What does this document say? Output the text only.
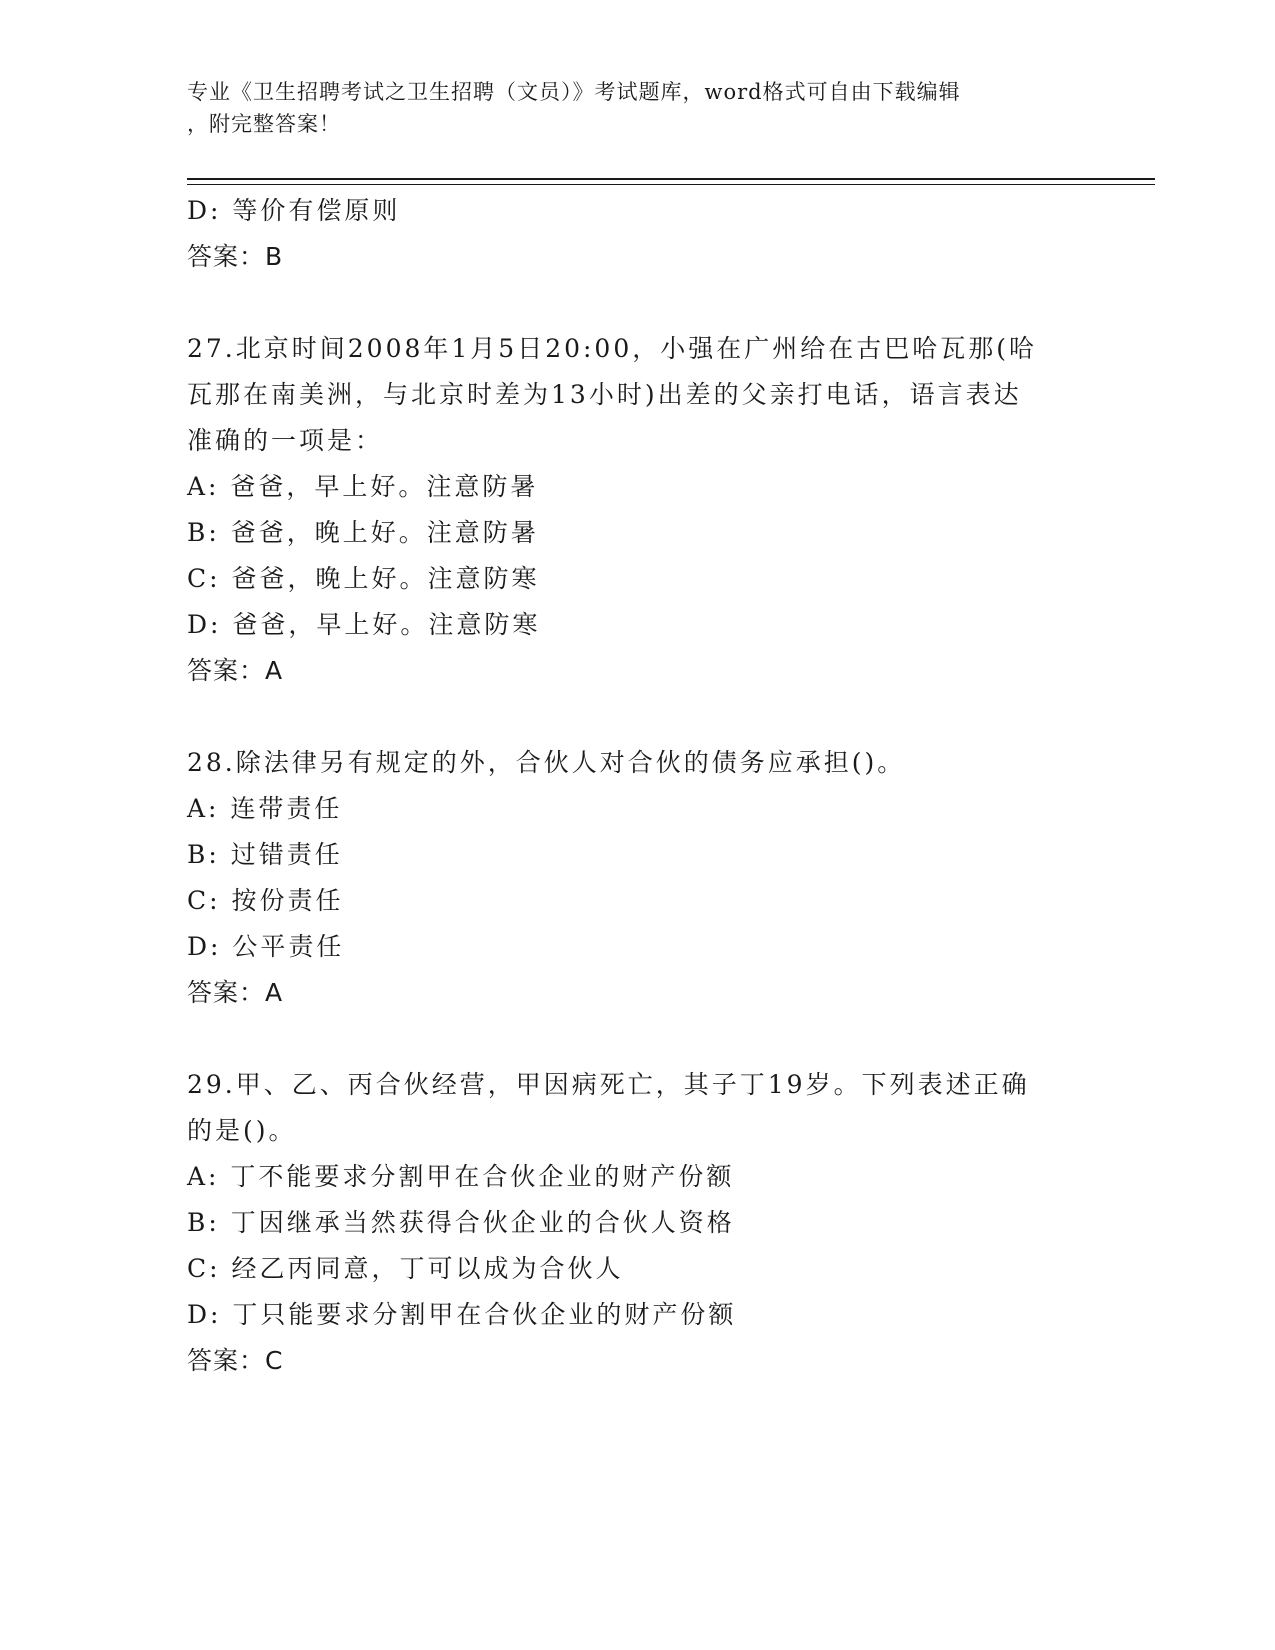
专业《卫生招聘考试之卫生招聘（文员）》考试题库，word格式可自由下载编辑
，附完整答案！
D: 等价有偿原则
答案：B
27.北京时间2008年1月5日20:00，小强在广州给在古巴哈瓦那(哈
瓦那在南美洲，与北京时差为13小时)出差的父亲打电话，语言表达
准确的一项是：
A: 爸爸，早上好。注意防暑
B: 爸爸，晚上好。注意防暑
C: 爸爸，晚上好。注意防寒
D: 爸爸，早上好。注意防寒
答案：A
28.除法律另有规定的外，合伙人对合伙的债务应承担()。
A: 连带责任
B: 过错责任
C: 按份责任
D: 公平责任
答案：A
29.甲、乙、丙合伙经营，甲因病死亡，其子丁19岁。下列表述正确
的是()。
A: 丁不能要求分割甲在合伙企业的财产份额
B: 丁因继承当然获得合伙企业的合伙人资格
C: 经乙丙同意，丁可以成为合伙人
D: 丁只能要求分割甲在合伙企业的财产份额
答案：C
